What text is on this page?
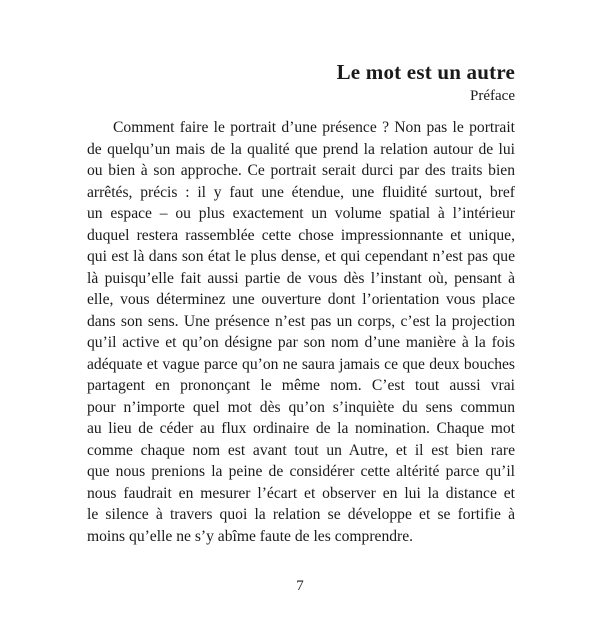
Le mot est un autre
Préface
Comment faire le portrait d’une présence ? Non pas le portrait
de quelqu’un mais de la qualité que prend la relation autour de lui
ou bien à son approche. Ce portrait serait durci par des traits bien
arrêtés, précis : il y faut une étendue, une fluidité surtout, bref
un espace – ou plus exactement un volume spatial à l’intérieur
duquel restera rassemblée cette chose impressionnante et unique,
qui est là dans son état le plus dense, et qui cependant n’est pas que
là puisqu’elle fait aussi partie de vous dès l’instant où, pensant à
elle, vous déterminez une ouverture dont l’orientation vous place
dans son sens. Une présence n’est pas un corps, c’est la projection
qu’il active et qu’on désigne par son nom d’une manière à la fois
adéquate et vague parce qu’on ne saura jamais ce que deux bouches
partagent en prononçant le même nom. C’est tout aussi vrai
pour n’importe quel mot dès qu’on s’inquiète du sens commun
au lieu de céder au flux ordinaire de la nomination. Chaque mot
comme chaque nom est avant tout un Autre, et il est bien rare
que nous prenions la peine de considérer cette altérité parce qu’il
nous faudrait en mesurer l’écart et observer en lui la distance et
le silence à travers quoi la relation se développe et se fortifie à
moins qu’elle ne s’y abîme faute de les comprendre.
7
